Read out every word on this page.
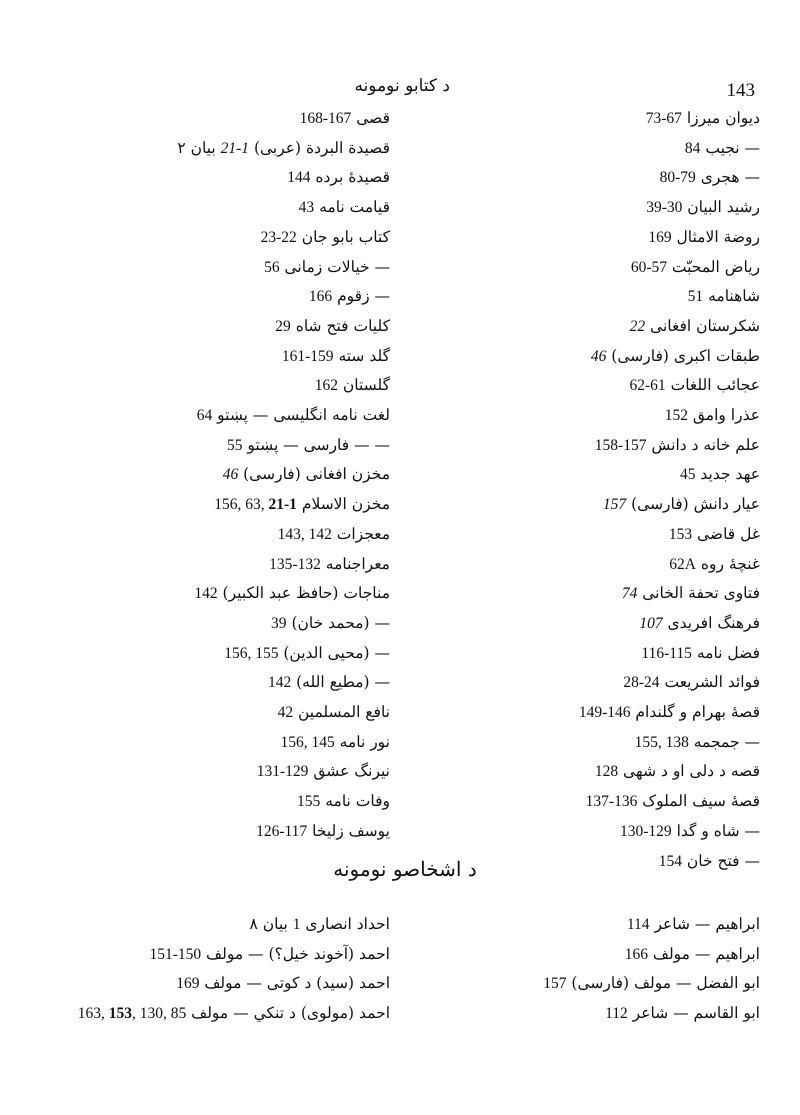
143
د کتابو نومونه
دیوان میرزا 73-67
— نجیب 84
— هجری 80-79
رشید البیان 39-30
روضة الامثال 169
ریاض المحبّت 60-57
شاهنامه 51
شکرستان افغانی 22
طبقات اکبری (فارسی) 46
عجائب اللغات 62-61
عذرا وامق 152
علم خانه د دانش 158-157
عهد جدید 45
عیار دانش (فارسی) 157
غل قاضی 153
غنچهٔ روه 62A
فتاوی تحفة الخانی 74
فرهنگ افریدی 107
فضل نامه 116-115
فوائد الشریعت 28-24
قصهٔ بهرام و گلندام 149-146
— جمجمه 155, 138
قصه د دلی او د شهی 128
قصهٔ سیف الملوک 137-136
— شاه و گدا 130-129
— فتح خان 154
قصی 168-167
قصیدة البردة (عربی) 21-1 بیان ۲
قصیدهٔ برده 144
قیامت نامه 43
کتاب بابو جان 23-22
— خیالات زمانی 56
— زقوم 166
کلیات فتح شاه 29
گلد سته 161-159
گلستان 162
لغت نامه انگلیسی — پښتو 64
— — فارسی — پښتو 55
مخزن افغانی (فارسی) 46
مخزن الاسلام 156, 63, 21-1
معجزات 143, 142
معراجنامه 135-132
مناجات (حافظ عبد الکبیر) 142
— (محمد خان) 39
— (محیی الدین) 156, 155
— (مطیع الله) 142
نافع المسلمین 42
نور نامه 156, 145
نیرنگ عشق 131-129
وفات نامه 155
یوسف زلیخا 126-117
د اشخاصو نومونه
ابراهیم — شاعر 114
ابراهیم — مولف 166
ابو الفضل — مولف (فارسی) 157
ابو القاسم — شاعر 112
احداد انصاری 1 بیان ۸
احمد (آخوند خیل؟) — مولف 151-150
احمد (سید) د کوتی — مولف 169
احمد (مولوی) د تنکي — مولف 163, 153, 130, 85
